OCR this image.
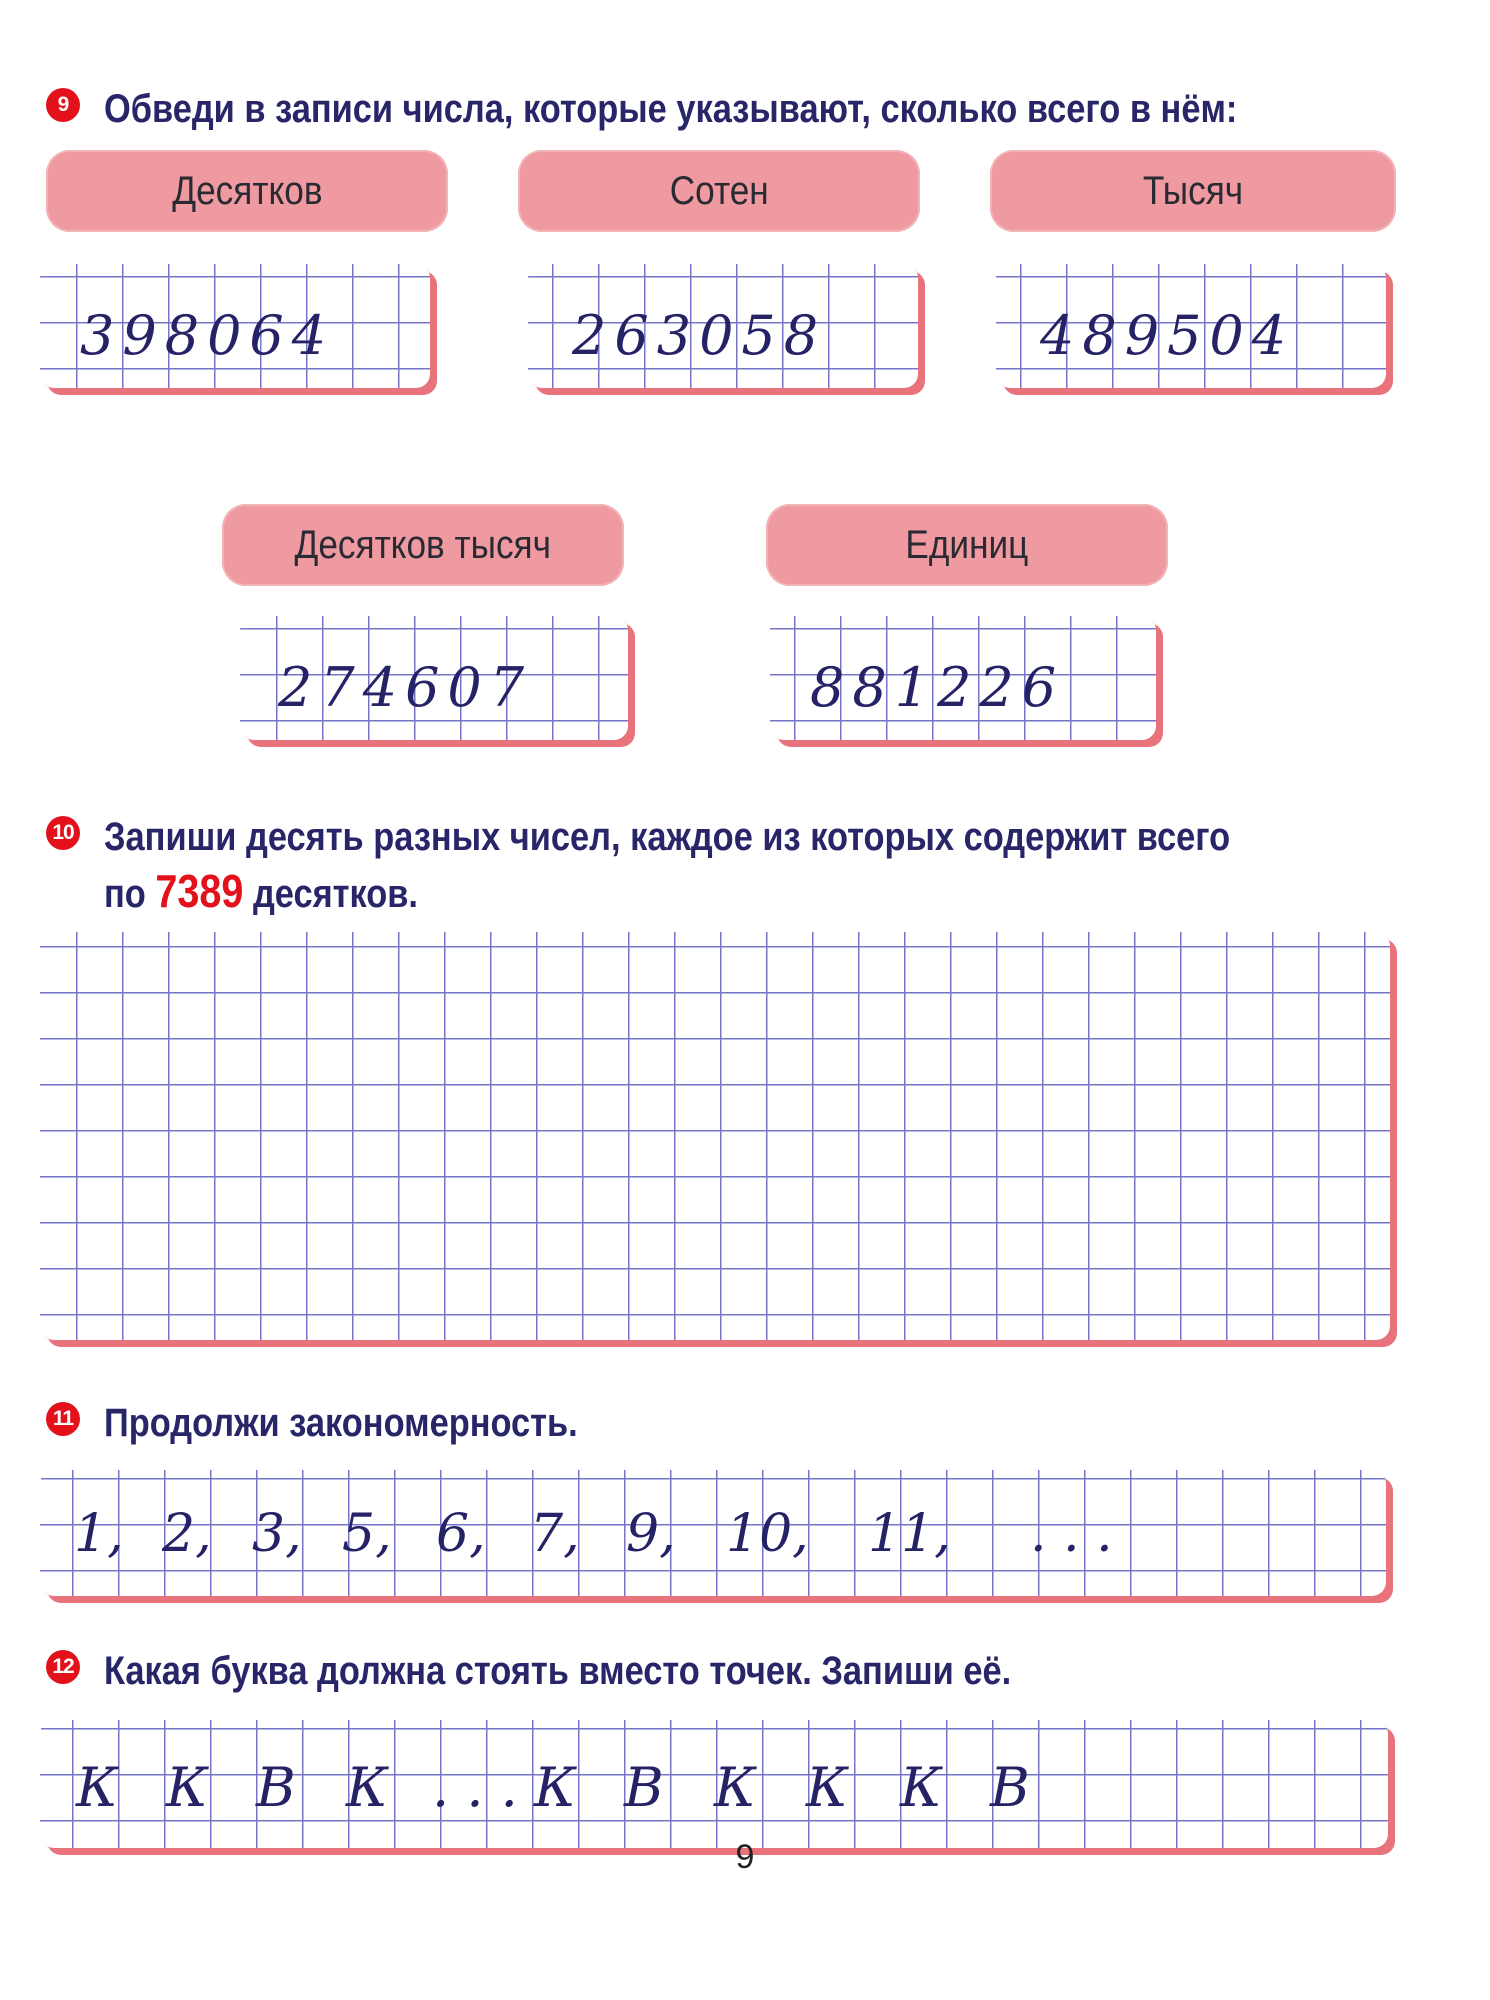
9 Обведи в записи числа, которые указывают, сколько всего в нём:
Десятков	Сотен	Тысяч
398064	263058	489504
Десятков тысяч	Единиц
274607	881226
10 Запиши десять разных чисел, каждое из которых содержит всего
по 7389 десятков.
11 Продолжи закономерность.
1, 2, 3, 5, 6, 7, 9, 10, 11, . . .
12 Какая буква должна стоять вместо точек. Запиши её.
К К В К . . . К В К К К В
9
